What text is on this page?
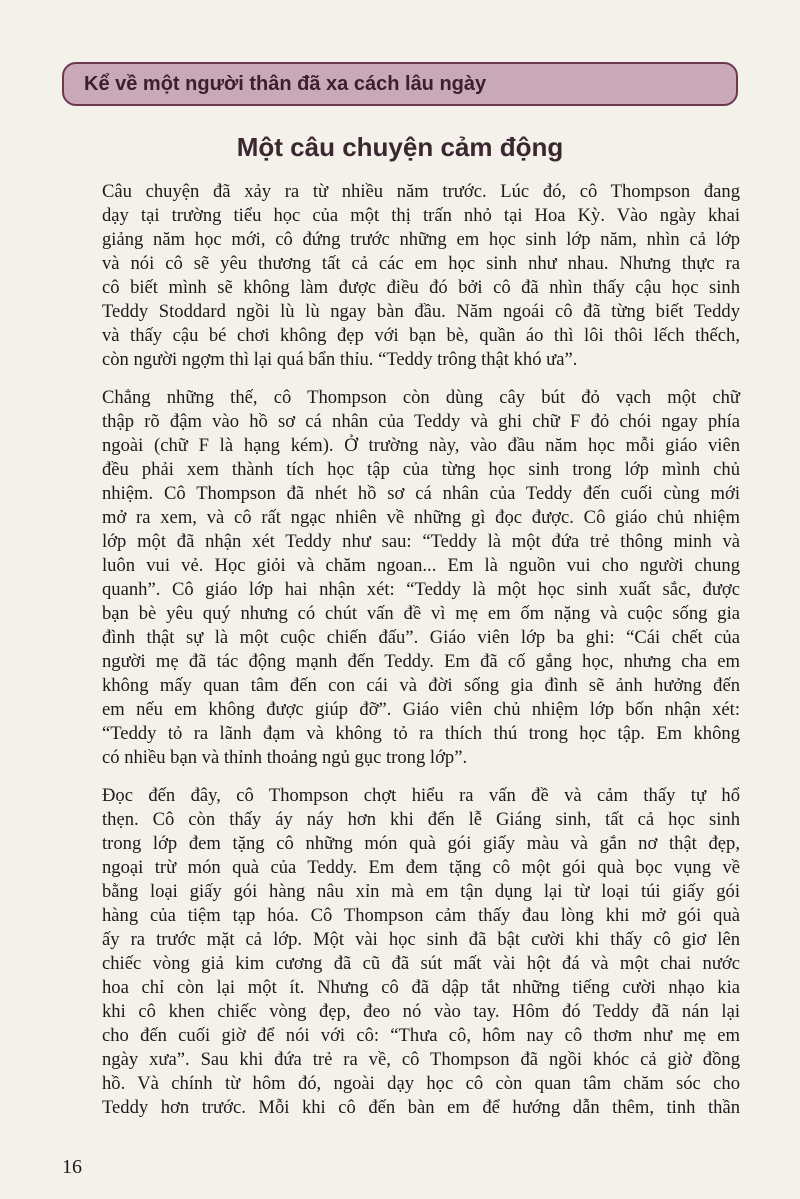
Kể về một người thân đã xa cách lâu ngày
Một câu chuyện cảm động

Câu chuyện đã xảy ra từ nhiều năm trước. Lúc đó, cô Thompson đang
dạy tại trường tiểu học của một thị trấn nhỏ tại Hoa Kỳ. Vào ngày khai
giảng năm học mới, cô đứng trước những em học sinh lớp năm, nhìn cả lớp
và nói cô sẽ yêu thương tất cả các em học sinh như nhau. Nhưng thực ra
cô biết mình sẽ không làm được điều đó bởi cô đã nhìn thấy cậu học sinh
Teddy Stoddard ngồi lù lù ngay bàn đầu. Năm ngoái cô đã từng biết Teddy
và thấy cậu bé chơi không đẹp với bạn bè, quần áo thì lôi thôi lếch thếch,
còn người ngợm thì lại quá bẩn thỉu. “Teddy trông thật khó ưa”.

Chẳng những thế, cô Thompson còn dùng cây bút đỏ vạch một chữ
thập rõ đậm vào hồ sơ cá nhân của Teddy và ghi chữ F đỏ chói ngay phía
ngoài (chữ F là hạng kém). Ở trường này, vào đầu năm học mỗi giáo viên
đều phải xem thành tích học tập của từng học sinh trong lớp mình chủ
nhiệm. Cô Thompson đã nhét hồ sơ cá nhân của Teddy đến cuối cùng mới
mở ra xem, và cô rất ngạc nhiên về những gì đọc được. Cô giáo chủ nhiệm
lớp một đã nhận xét Teddy như sau: “Teddy là một đứa trẻ thông minh và
luôn vui vẻ. Học giỏi và chăm ngoan... Em là nguồn vui cho người chung
quanh”. Cô giáo lớp hai nhận xét: “Teddy là một học sinh xuất sắc, được
bạn bè yêu quý nhưng có chút vấn đề vì mẹ em ốm nặng và cuộc sống gia
đình thật sự là một cuộc chiến đấu”. Giáo viên lớp ba ghi: “Cái chết của
người mẹ đã tác động mạnh đến Teddy. Em đã cố gắng học, nhưng cha em
không mấy quan tâm đến con cái và đời sống gia đình sẽ ảnh hưởng đến
em nếu em không được giúp đỡ”. Giáo viên chủ nhiệm lớp bốn nhận xét:
“Teddy tỏ ra lãnh đạm và không tỏ ra thích thú trong học tập. Em không
có nhiều bạn và thỉnh thoảng ngủ gục trong lớp”.

Đọc đến đây, cô Thompson chợt hiểu ra vấn đề và cảm thấy tự hổ
thẹn. Cô còn thấy áy náy hơn khi đến lễ Giáng sinh, tất cả học sinh
trong lớp đem tặng cô những món quà gói giấy màu và gắn nơ thật đẹp,
ngoại trừ món quà của Teddy. Em đem tặng cô một gói quà bọc vụng về
bằng loại giấy gói hàng nâu xỉn mà em tận dụng lại từ loại túi giấy gói
hàng của tiệm tạp hóa. Cô Thompson cảm thấy đau lòng khi mở gói quà
ấy ra trước mặt cả lớp. Một vài học sinh đã bật cười khi thấy cô giơ lên
chiếc vòng giả kim cương đã cũ đã sút mất vài hột đá và một chai nước
hoa chỉ còn lại một ít. Nhưng cô đã dập tắt những tiếng cười nhạo kia
khi cô khen chiếc vòng đẹp, đeo nó vào tay. Hôm đó Teddy đã nán lại
cho đến cuối giờ để nói với cô: “Thưa cô, hôm nay cô thơm như mẹ em
ngày xưa”. Sau khi đứa trẻ ra về, cô Thompson đã ngồi khóc cả giờ đồng
hồ. Và chính từ hôm đó, ngoài dạy học cô còn quan tâm chăm sóc cho
Teddy hơn trước. Mỗi khi cô đến bàn em để hướng dẫn thêm, tinh thần

16
